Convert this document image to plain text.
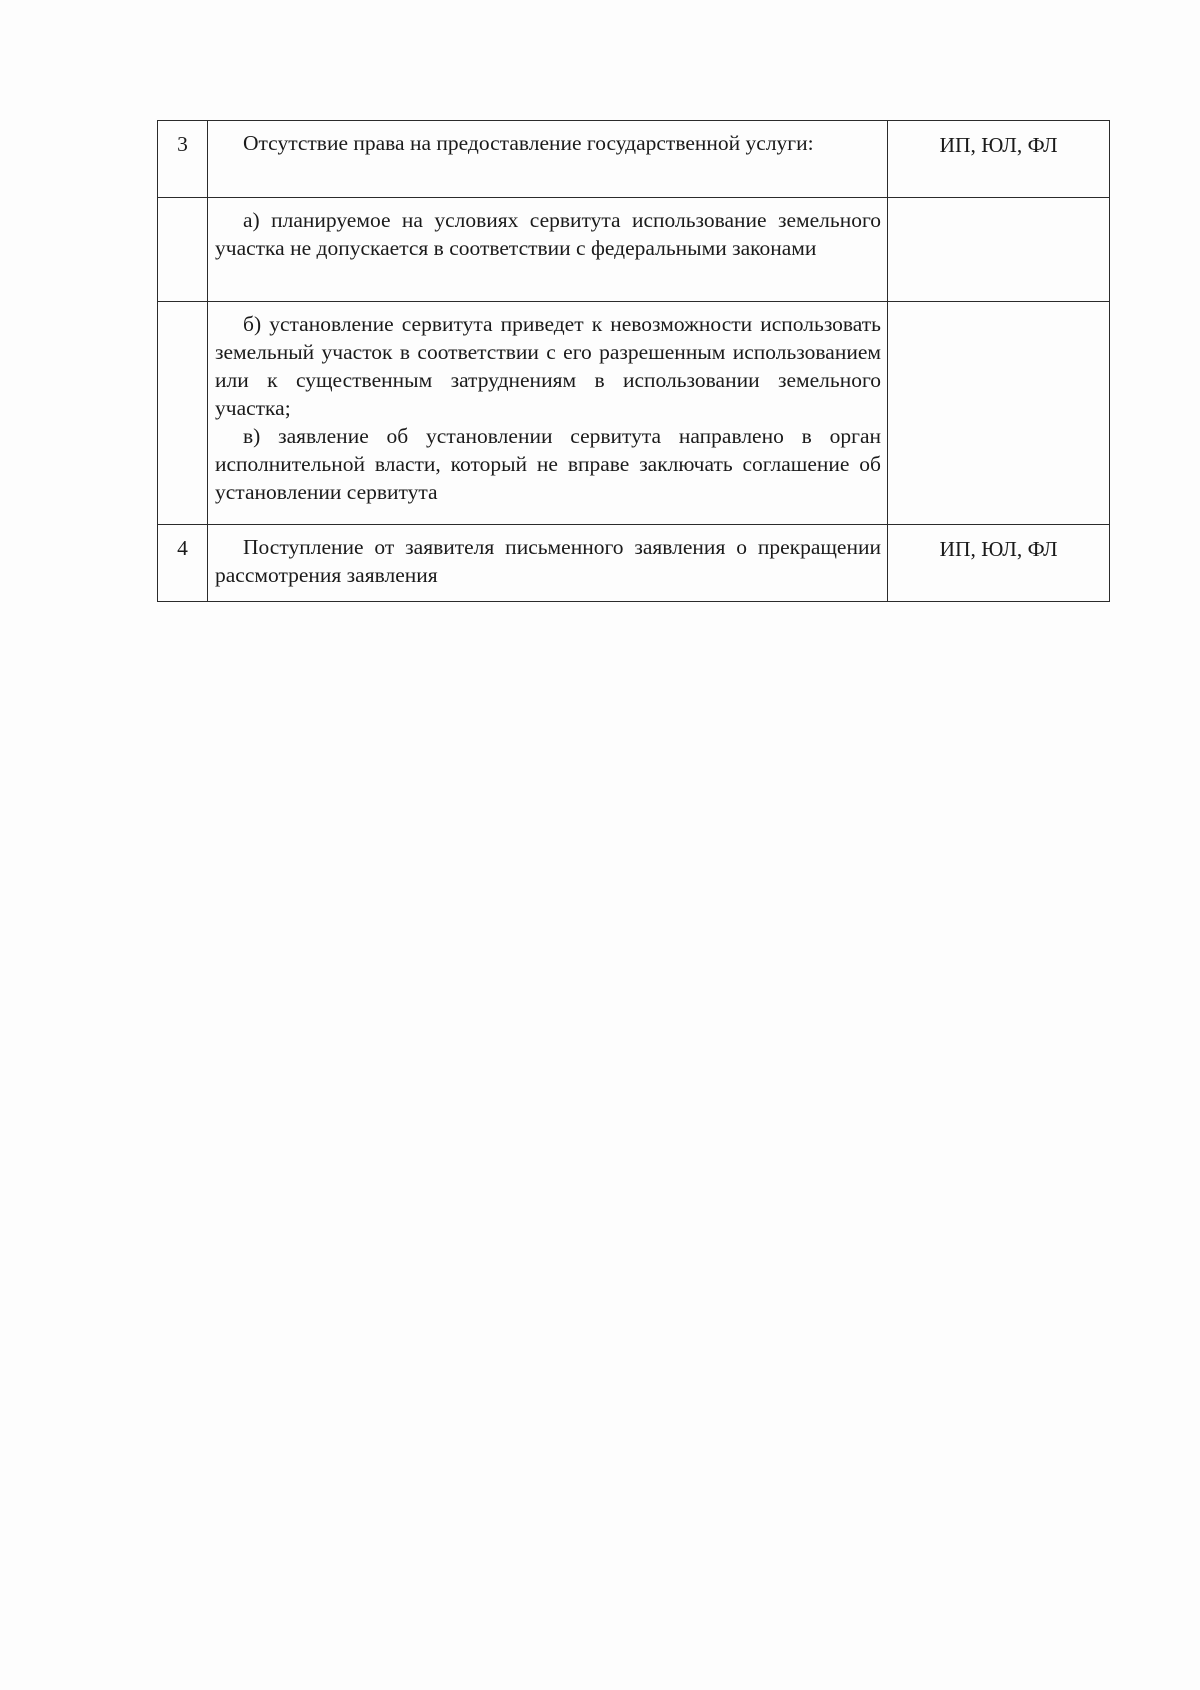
3	Отсутствие права на предоставление государственной услуги:	ИП, ЮЛ, ФЛ

	а) планируемое на условиях сервитута использование земельного участка не допускается в соответствии с федеральными законами	

	б) установление сервитута приведет к невозможности использовать земельный участок в соответствии с его разрешенным использованием или к существенным затруднениям в использовании земельного участка;

в) заявление об установлении сервитута направлено в орган исполнительной власти, который не вправе заключать соглашение об установлении сервитута	

4	Поступление от заявителя письменного заявления о прекращении рассмотрения заявления	ИП, ЮЛ, ФЛ
